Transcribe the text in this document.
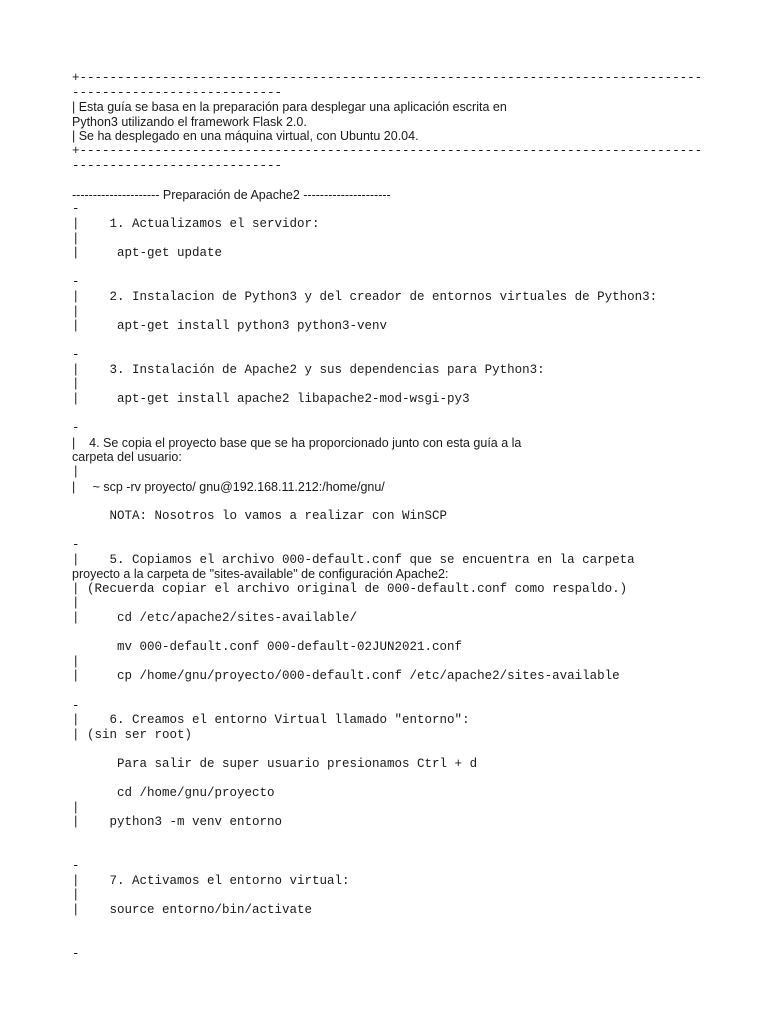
+-----------------------------------------------------------------------------------
----------------------------
| Esta guía se basa en la preparación para desplegar una aplicación escrita en
Python3 utilizando el framework Flask 2.0.
| Se ha desplegado en una máquina virtual, con Ubuntu 20.04.
+-----------------------------------------------------------------------------------
----------------------------
--------------------- Preparación de Apache2 ---------------------
-
|    1. Actualizamos el servidor:
|
|     apt-get update
-
|    2. Instalacion de Python3 y del creador de entornos virtuales de Python3:
|
|     apt-get install python3 python3-venv
-
|    3. Instalación de Apache2 y sus dependencias para Python3:
|
|     apt-get install apache2 libapache2-mod-wsgi-py3
-
|    4. Se copia el proyecto base que se ha proporcionado junto con esta guía a la
carpeta del usuario:
|
|     ~ scp -rv proyecto/ gnu@192.168.11.212:/home/gnu/
NOTA: Nosotros lo vamos a realizar con WinSCP
-
|    5. Copiamos el archivo 000-default.conf que se encuentra en la carpeta
proyecto a la carpeta de "sites-available" de configuración Apache2:
| (Recuerda copiar el archivo original de 000-default.conf como respaldo.)
|
|     cd /etc/apache2/sites-available/
mv 000-default.conf 000-default-02JUN2021.conf
|
|     cp /home/gnu/proyecto/000-default.conf /etc/apache2/sites-available
-
|    6. Creamos el entorno Virtual llamado "entorno":
| (sin ser root)
Para salir de super usuario presionamos Ctrl + d
cd /home/gnu/proyecto
|
|    python3 -m venv entorno
-
|    7. Activamos el entorno virtual:
|
|    source entorno/bin/activate
-
